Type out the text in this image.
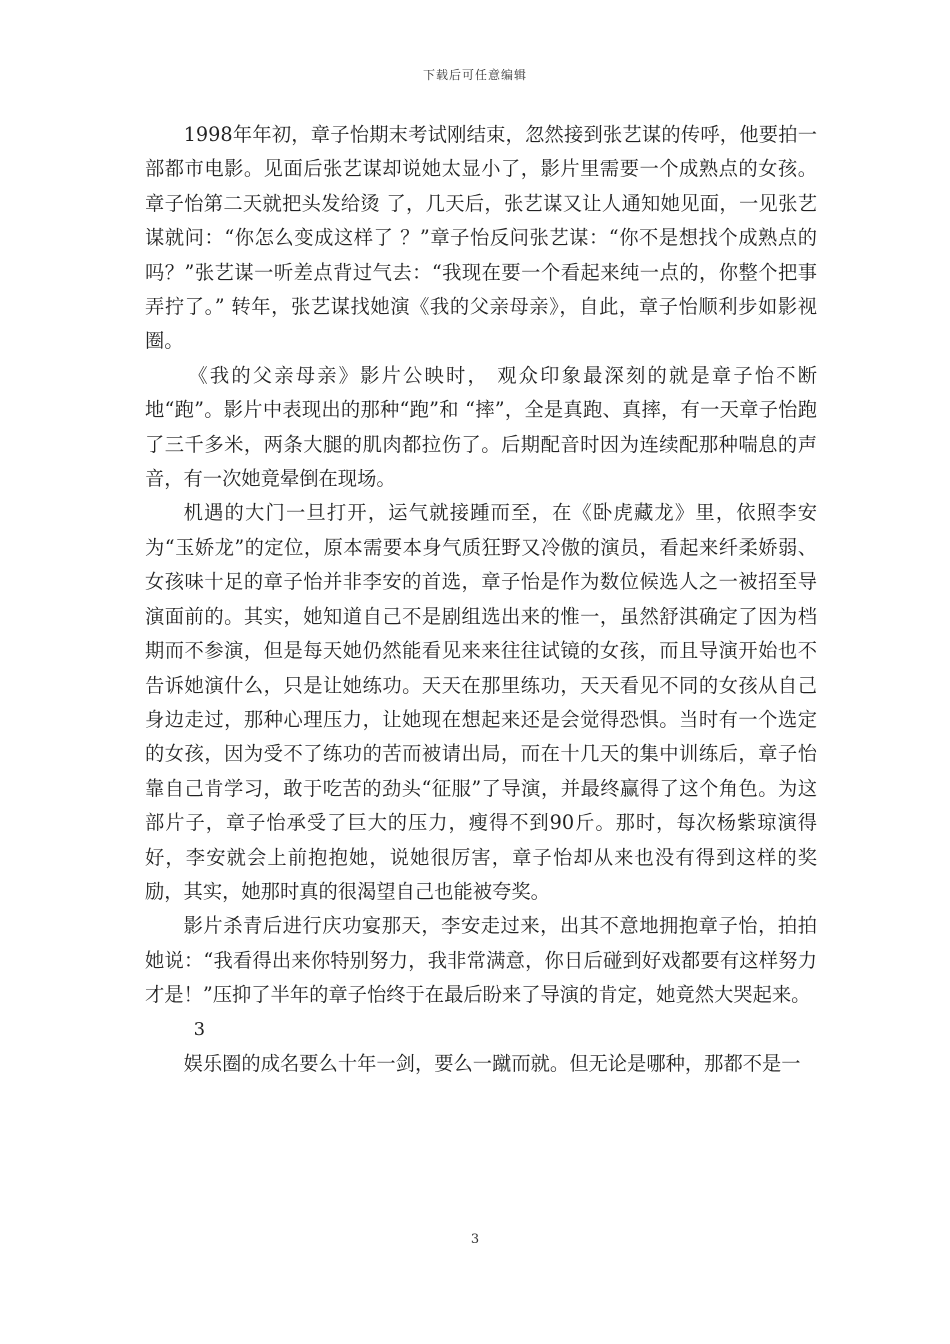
下载后可任意编辑

1998年年初，章子怡期末考试刚结束，忽然接到张艺谋的传呼，他要拍一部都市电影。见面后张艺谋却说她太显小了，影片里需要一个成熟点的女孩。章子怡第二天就把头发给烫 了，几天后，张艺谋又让人通知她见面，一见张艺谋就问：“你怎么变成这样了 ？”章子怡反问张艺谋：“你不是想找个成熟点的吗？”张艺谋一听差点背过气去：“我现在要一个看起来纯一点的，你整个把事弄拧了。” 转年，张艺谋找她演《我的父亲母亲》，自此，章子怡顺利步如影视圈。

《我的父亲母亲》影片公映时， 观众印象最深刻的就是章子怡不断地“跑”。影片中表现出的那种“跑”和 “摔”，全是真跑、真摔，有一天章子怡跑了三千多米，两条大腿的肌肉都拉伤了。后期配音时因为连续配那种喘息的声音，有一次她竟晕倒在现场。

机遇的大门一旦打开，运气就接踵而至，在《卧虎藏龙》里，依照李安为“玉娇龙”的定位，原本需要本身气质狂野又冷傲的演员，看起来纤柔娇弱、女孩味十足的章子怡并非李安的首选，章子怡是作为数位候选人之一被招至导演面前的。其实，她知道自己不是剧组选出来的惟一，虽然舒淇确定了因为档期而不参演，但是每天她仍然能看见来来往往试镜的女孩，而且导演开始也不告诉她演什么，只是让她练功。天天在那里练功，天天看见不同的女孩从自己身边走过，那种心理压力，让她现在想起来还是会觉得恐惧。当时有一个选定的女孩，因为受不了练功的苦而被请出局，而在十几天的集中训练后，章子怡靠自己肯学习，敢于吃苦的劲头“征服”了导演，并最终赢得了这个角色。为这部片子，章子怡承受了巨大的压力，瘦得不到90斤。那时，每次杨紫琼演得好，李安就会上前抱抱她，说她很厉害，章子怡却从来也没有得到这样的奖励，其实，她那时真的很渴望自己也能被夸奖。

影片杀青后进行庆功宴那天，李安走过来，出其不意地拥抱章子怡，拍拍她说：“我看得出来你特别努力，我非常满意，你日后碰到好戏都要有这样努力才是！”压抑了半年的章子怡终于在最后盼来了导演的肯定，她竟然大哭起来。

3

娱乐圈的成名要么十年一剑，要么一蹴而就。但无论是哪种，那都不是一

3
